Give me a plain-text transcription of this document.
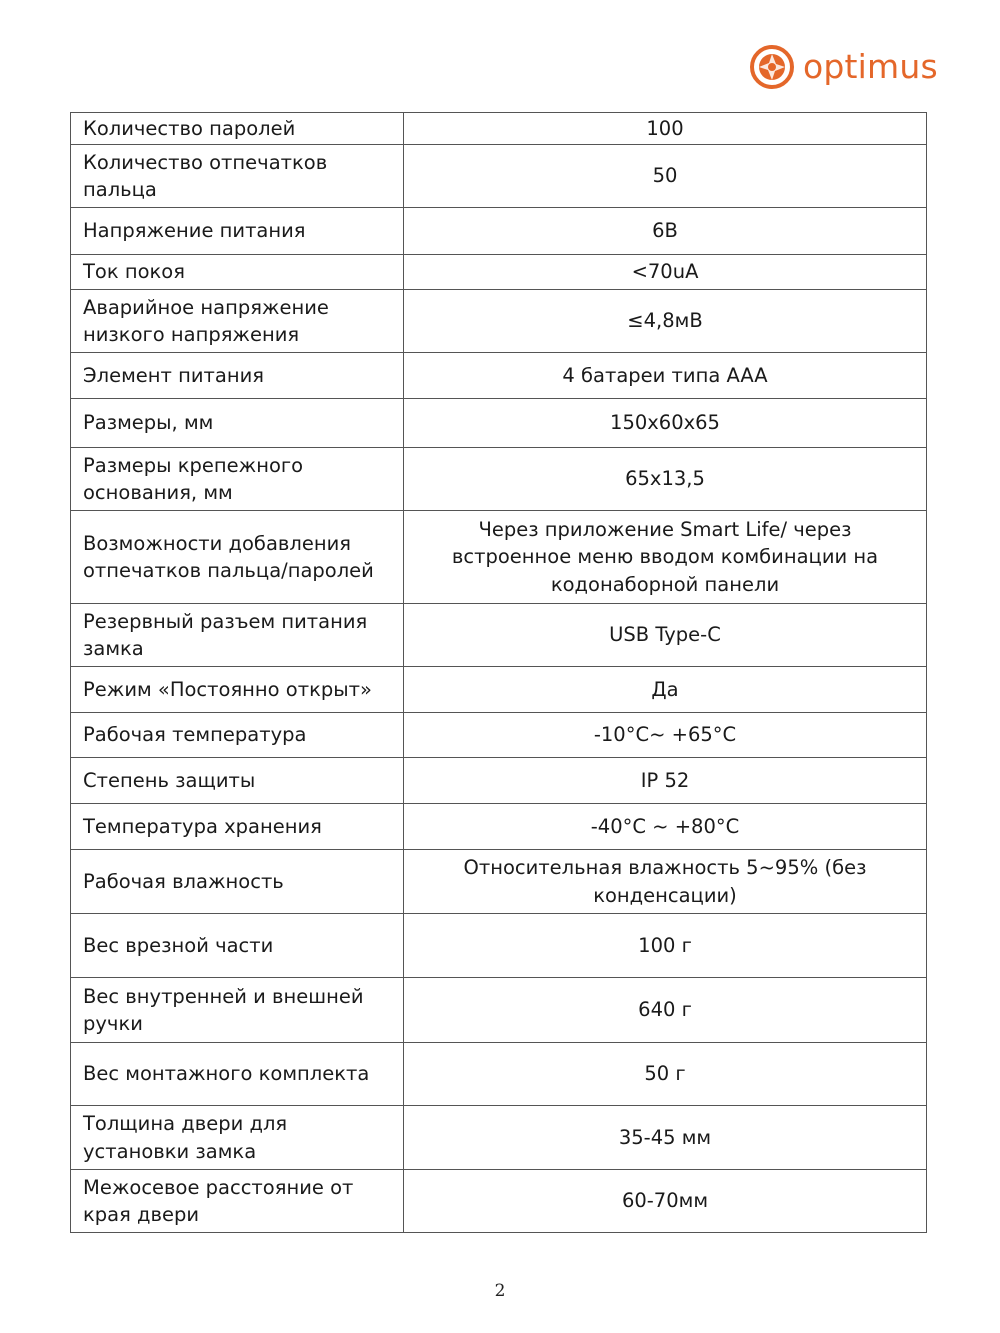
optimus
Количество паролей	100
Количество отпечатков пальца	50
Напряжение питания	6В
Ток покоя	<70uA
Аварийное напряжение низкого напряжения	≤4,8мВ
Элемент питания	4 батареи типа AAA
Размеры, мм	150х60х65
Размеры крепежного основания, мм	65х13,5
Возможности добавления отпечатков пальца/паролей	Через приложение Smart Life/ через встроенное меню вводом комбинации на кодонаборной панели
Резервный разъем питания замка	USB Type-C
Режим «Постоянно открыт»	Да
Рабочая температура	-10°C~ +65°C
Степень защиты	IP 52
Температура хранения	-40°C ~ +80°C
Рабочая влажность	Относительная влажность 5~95% (без конденсации)
Вес врезной части	100 г
Вес внутренней и внешней ручки	640 г
Вес монтажного комплекта	50 г
Толщина двери для установки замка	35-45 мм
Межосевое расстояние от края двери	60-70мм
2
